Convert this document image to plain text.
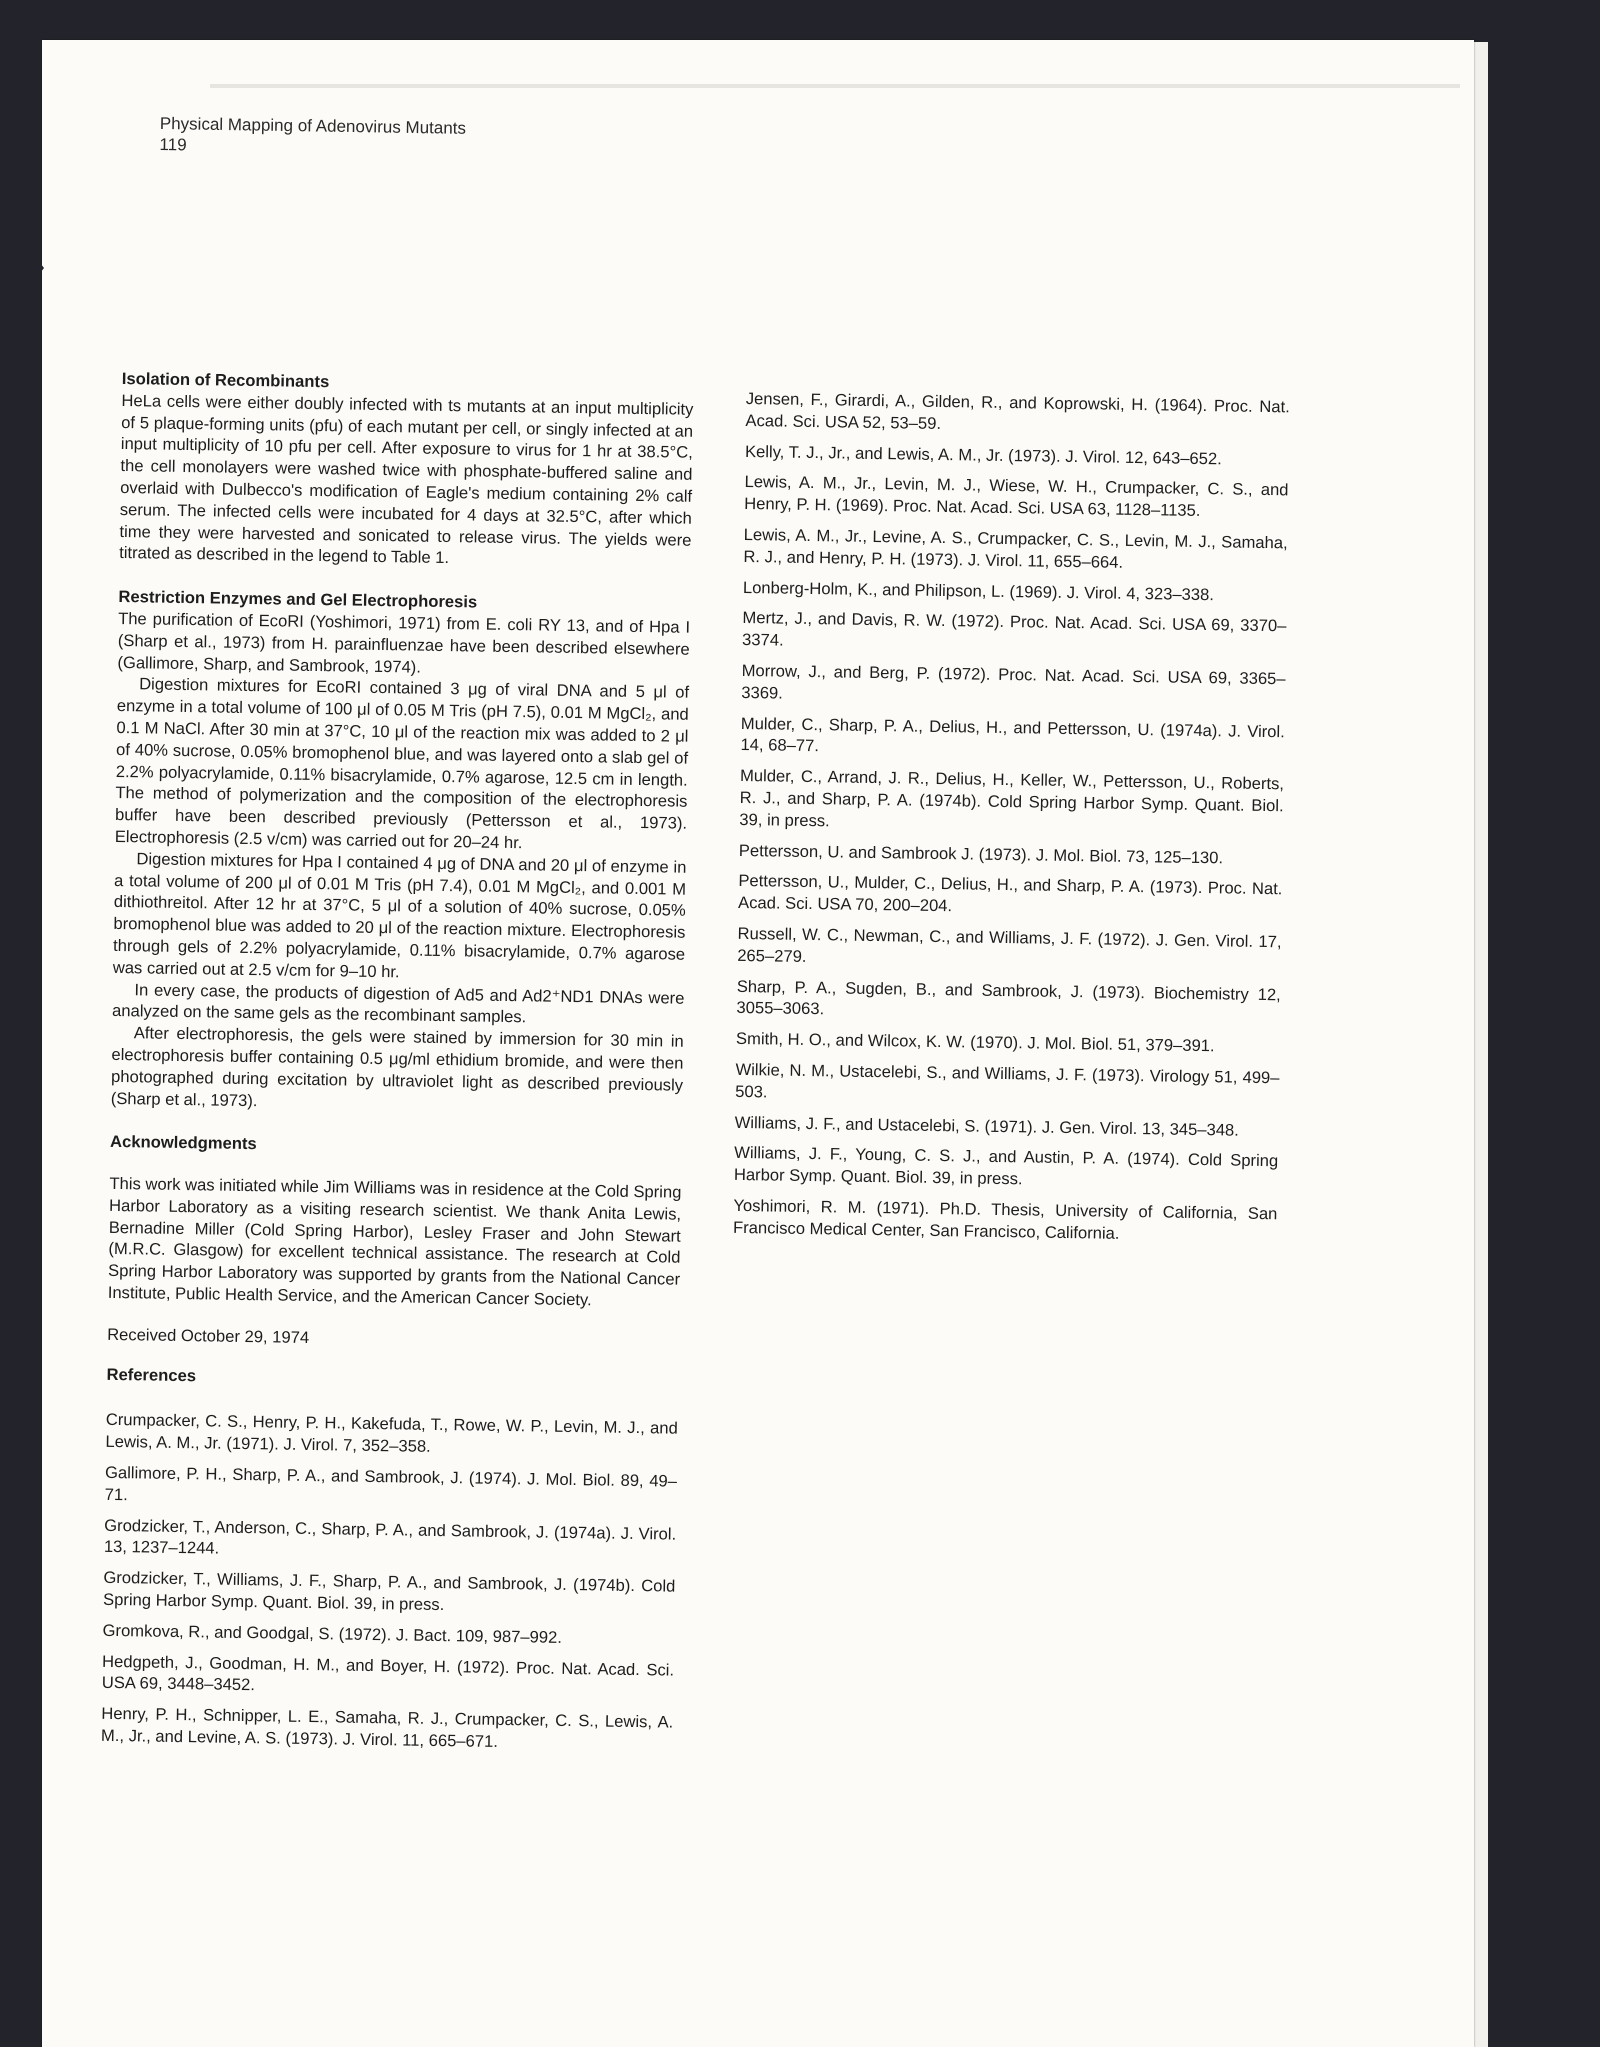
Physical Mapping of Adenovirus Mutants
119

Isolation of Recombinants

HeLa cells were either doubly infected with ts mutants at an input multiplicity of 5 plaque-forming units (pfu) of each mutant per cell, or singly infected at an input multiplicity of 10 pfu per cell. After exposure to virus for 1 hr at 38.5°C, the cell monolayers were washed twice with phosphate-buffered saline and overlaid with Dulbecco's modification of Eagle's medium containing 2% calf serum. The infected cells were incubated for 4 days at 32.5°C, after which time they were harvested and sonicated to release virus. The yields were titrated as described in the legend to Table 1.

Restriction Enzymes and Gel Electrophoresis

The purification of EcoRI (Yoshimori, 1971) from E. coli RY 13, and of Hpa I (Sharp et al., 1973) from H. parainfluenzae have been described elsewhere (Gallimore, Sharp, and Sambrook, 1974).

Digestion mixtures for EcoRI contained 3 μg of viral DNA and 5 μl of enzyme in a total volume of 100 μl of 0.05 M Tris (pH 7.5), 0.01 M MgCl₂, and 0.1 M NaCl. After 30 min at 37°C, 10 μl of the reaction mix was added to 2 μl of 40% sucrose, 0.05% bromophenol blue, and was layered onto a slab gel of 2.2% polyacrylamide, 0.11% bisacrylamide, 0.7% agarose, 12.5 cm in length. The method of polymerization and the composition of the electrophoresis buffer have been described previously (Pettersson et al., 1973). Electrophoresis (2.5 v/cm) was carried out for 20–24 hr.

Digestion mixtures for Hpa I contained 4 μg of DNA and 20 μl of enzyme in a total volume of 200 μl of 0.01 M Tris (pH 7.4), 0.01 M MgCl₂, and 0.001 M dithiothreitol. After 12 hr at 37°C, 5 μl of a solution of 40% sucrose, 0.05% bromophenol blue was added to 20 μl of the reaction mixture. Electrophoresis through gels of 2.2% polyacrylamide, 0.11% bisacrylamide, 0.7% agarose was carried out at 2.5 v/cm for 9–10 hr.

In every case, the products of digestion of Ad5 and Ad2⁺ND1 DNAs were analyzed on the same gels as the recombinant samples.

After electrophoresis, the gels were stained by immersion for 30 min in electrophoresis buffer containing 0.5 μg/ml ethidium bromide, and were then photographed during excitation by ultraviolet light as described previously (Sharp et al., 1973).

Acknowledgments

This work was initiated while Jim Williams was in residence at the Cold Spring Harbor Laboratory as a visiting research scientist. We thank Anita Lewis, Bernadine Miller (Cold Spring Harbor), Lesley Fraser and John Stewart (M.R.C. Glasgow) for excellent technical assistance. The research at Cold Spring Harbor Laboratory was supported by grants from the National Cancer Institute, Public Health Service, and the American Cancer Society.

Received October 29, 1974

References

Crumpacker, C. S., Henry, P. H., Kakefuda, T., Rowe, W. P., Levin, M. J., and Lewis, A. M., Jr. (1971). J. Virol. 7, 352–358.

Gallimore, P. H., Sharp, P. A., and Sambrook, J. (1974). J. Mol. Biol. 89, 49–71.

Grodzicker, T., Anderson, C., Sharp, P. A., and Sambrook, J. (1974a). J. Virol. 13, 1237–1244.

Grodzicker, T., Williams, J. F., Sharp, P. A., and Sambrook, J. (1974b). Cold Spring Harbor Symp. Quant. Biol. 39, in press.

Gromkova, R., and Goodgal, S. (1972). J. Bact. 109, 987–992.

Hedgpeth, J., Goodman, H. M., and Boyer, H. (1972). Proc. Nat. Acad. Sci. USA 69, 3448–3452.

Henry, P. H., Schnipper, L. E., Samaha, R. J., Crumpacker, C. S., Lewis, A. M., Jr., and Levine, A. S. (1973). J. Virol. 11, 665–671.

Jensen, F., Girardi, A., Gilden, R., and Koprowski, H. (1964). Proc. Nat. Acad. Sci. USA 52, 53–59.

Kelly, T. J., Jr., and Lewis, A. M., Jr. (1973). J. Virol. 12, 643–652.

Lewis, A. M., Jr., Levin, M. J., Wiese, W. H., Crumpacker, C. S., and Henry, P. H. (1969). Proc. Nat. Acad. Sci. USA 63, 1128–1135.

Lewis, A. M., Jr., Levine, A. S., Crumpacker, C. S., Levin, M. J., Samaha, R. J., and Henry, P. H. (1973). J. Virol. 11, 655–664.

Lonberg-Holm, K., and Philipson, L. (1969). J. Virol. 4, 323–338.

Mertz, J., and Davis, R. W. (1972). Proc. Nat. Acad. Sci. USA 69, 3370–3374.

Morrow, J., and Berg, P. (1972). Proc. Nat. Acad. Sci. USA 69, 3365–3369.

Mulder, C., Sharp, P. A., Delius, H., and Pettersson, U. (1974a). J. Virol. 14, 68–77.

Mulder, C., Arrand, J. R., Delius, H., Keller, W., Pettersson, U., Roberts, R. J., and Sharp, P. A. (1974b). Cold Spring Harbor Symp. Quant. Biol. 39, in press.

Pettersson, U. and Sambrook J. (1973). J. Mol. Biol. 73, 125–130.

Pettersson, U., Mulder, C., Delius, H., and Sharp, P. A. (1973). Proc. Nat. Acad. Sci. USA 70, 200–204.

Russell, W. C., Newman, C., and Williams, J. F. (1972). J. Gen. Virol. 17, 265–279.

Sharp, P. A., Sugden, B., and Sambrook, J. (1973). Biochemistry 12, 3055–3063.

Smith, H. O., and Wilcox, K. W. (1970). J. Mol. Biol. 51, 379–391.

Wilkie, N. M., Ustacelebi, S., and Williams, J. F. (1973). Virology 51, 499–503.

Williams, J. F., and Ustacelebi, S. (1971). J. Gen. Virol. 13, 345–348.

Williams, J. F., Young, C. S. J., and Austin, P. A. (1974). Cold Spring Harbor Symp. Quant. Biol. 39, in press.

Yoshimori, R. M. (1971). Ph.D. Thesis, University of California, San Francisco Medical Center, San Francisco, California.
